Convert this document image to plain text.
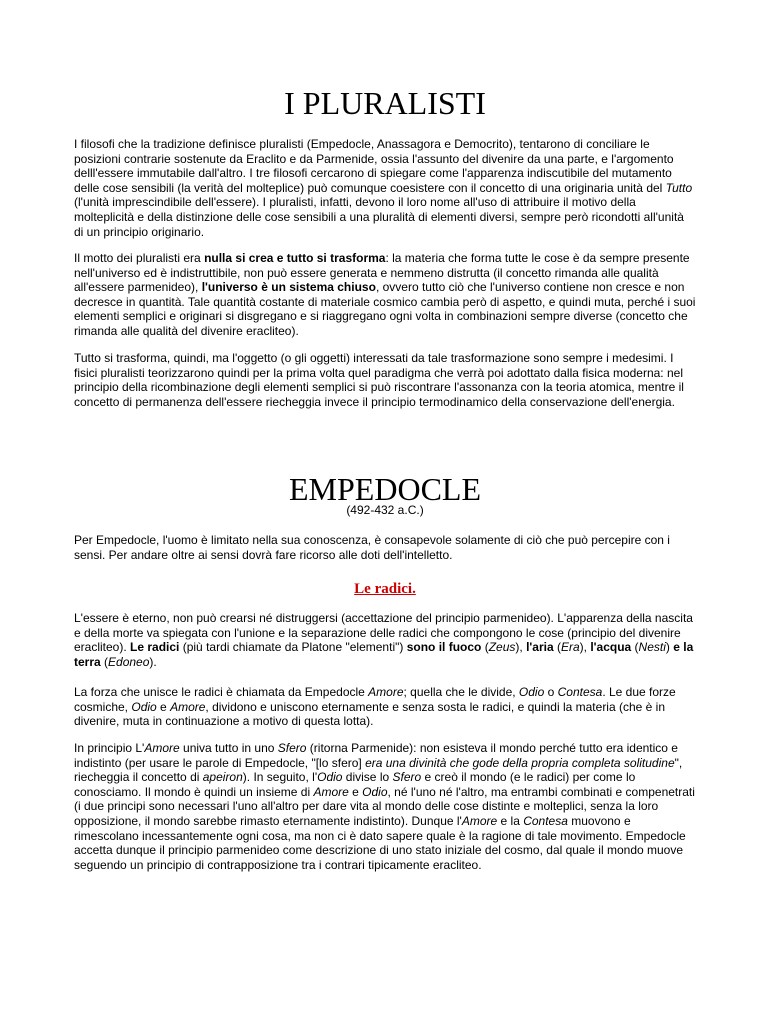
I PLURALISTI

I filosofi che la tradizione definisce pluralisti (Empedocle, Anassagora e Democrito), tentarono di conciliare le posizioni contrarie sostenute da Eraclito e da Parmenide, ossia l'assunto del divenire da una parte, e l'argomento delll'essere immutabile dall'altro. I tre filosofi cercarono di spiegare come l'apparenza indiscutibile del mutamento delle cose sensibili (la verità del molteplice) può comunque coesistere con il concetto di una originaria unità del Tutto (l'unità imprescindibile dell'essere). I pluralisti, infatti, devono il loro nome all'uso di attribuire il motivo della molteplicità e della distinzione delle cose sensibili a una pluralità di elementi diversi, sempre però ricondotti all'unità di un principio originario.

Il motto dei pluralisti era nulla si crea e tutto si trasforma: la materia che forma tutte le cose è da sempre presente nell'universo ed è indistruttibile, non può essere generata e nemmeno distrutta (il concetto rimanda alle qualità all'essere parmenideo), l'universo è un sistema chiuso, ovvero tutto ciò che l'universo contiene non cresce e non decresce in quantità. Tale quantità costante di materiale cosmico cambia però di aspetto, e quindi muta, perché i suoi elementi semplici e originari si disgregano e si riaggregano ogni volta in combinazioni sempre diverse (concetto che rimanda alle qualità del divenire eracliteo).

Tutto si trasforma, quindi, ma l'oggetto (o gli oggetti) interessati da tale trasformazione sono sempre i medesimi. I fisici pluralisti teorizzarono quindi per la prima volta quel paradigma che verrà poi adottato dalla fisica moderna: nel principio della ricombinazione degli elementi semplici si può riscontrare l'assonanza con la teoria atomica, mentre il concetto di permanenza dell'essere riecheggia invece il principio termodinamico della conservazione dell'energia.

EMPEDOCLE
(492-432 a.C.)

Per Empedocle, l'uomo è limitato nella sua conoscenza, è consapevole solamente di ciò che può percepire con i sensi. Per andare oltre ai sensi dovrà fare ricorso alle doti dell'intelletto.

Le radici.

L'essere è eterno, non può crearsi né distruggersi (accettazione del principio parmenideo). L'apparenza della nascita e della morte va spiegata con l'unione e la separazione delle radici che compongono le cose (principio del divenire eracliteo). Le radici (più tardi chiamate da Platone "elementi") sono il fuoco (Zeus), l'aria (Era), l'acqua (Nesti) e la terra (Edoneo).

La forza che unisce le radici è chiamata da Empedocle Amore; quella che le divide, Odio o Contesa. Le due forze cosmiche, Odio e Amore, dividono e uniscono eternamente e senza sosta le radici, e quindi la materia (che è in divenire, muta in continuazione a motivo di questa lotta).

In principio L'Amore univa tutto in uno Sfero (ritorna Parmenide): non esisteva il mondo perché tutto era identico e indistinto (per usare le parole di Empedocle, "[lo sfero] era una divinità che gode della propria completa solitudine", riecheggia il concetto di apeiron). In seguito, l'Odio divise lo Sfero e creò il mondo (e le radici) per come lo conosciamo. Il mondo è quindi un insieme di Amore e Odio, né l'uno né l'altro, ma entrambi combinati e compenetrati (i due principi sono necessari l'uno all'altro per dare vita al mondo delle cose distinte e molteplici, senza la loro opposizione, il mondo sarebbe rimasto eternamente indistinto). Dunque l'Amore e la Contesa muovono e rimescolano incessantemente ogni cosa, ma non ci è dato sapere quale è la ragione di tale movimento. Empedocle accetta dunque il principio parmenideo come descrizione di uno stato iniziale del cosmo, dal quale il mondo muove seguendo un principio di contrapposizione tra i contrari tipicamente eracliteo.
